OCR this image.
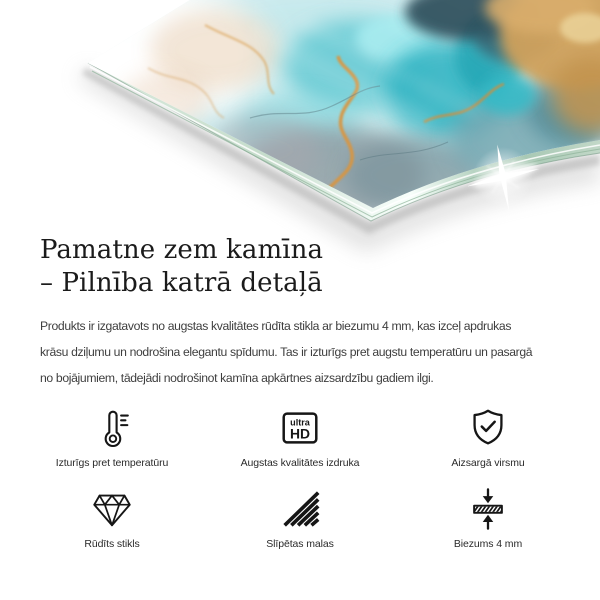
Pamatne zem kamīna
– Pilnība katrā detaļā
Produkts ir izgatavots no augstas kvalitātes rūdīta stikla ar biezumu 4 mm, kas izceļ apdrukas
krāsu dziļumu un nodrošina elegantu spīdumu. Tas ir izturīgs pret augstu temperatūru un pasargā
no bojājumiem, tādejādi nodrošinot kamīna apkārtnes aizsardzību gadiem ilgi.
Izturīgs pret temperatūru
ultra
HD
Augstas kvalitātes izdruka	Aizsargā virsmu
Rūdīts stikls	Slīpētas malas	Biezums 4 mm
